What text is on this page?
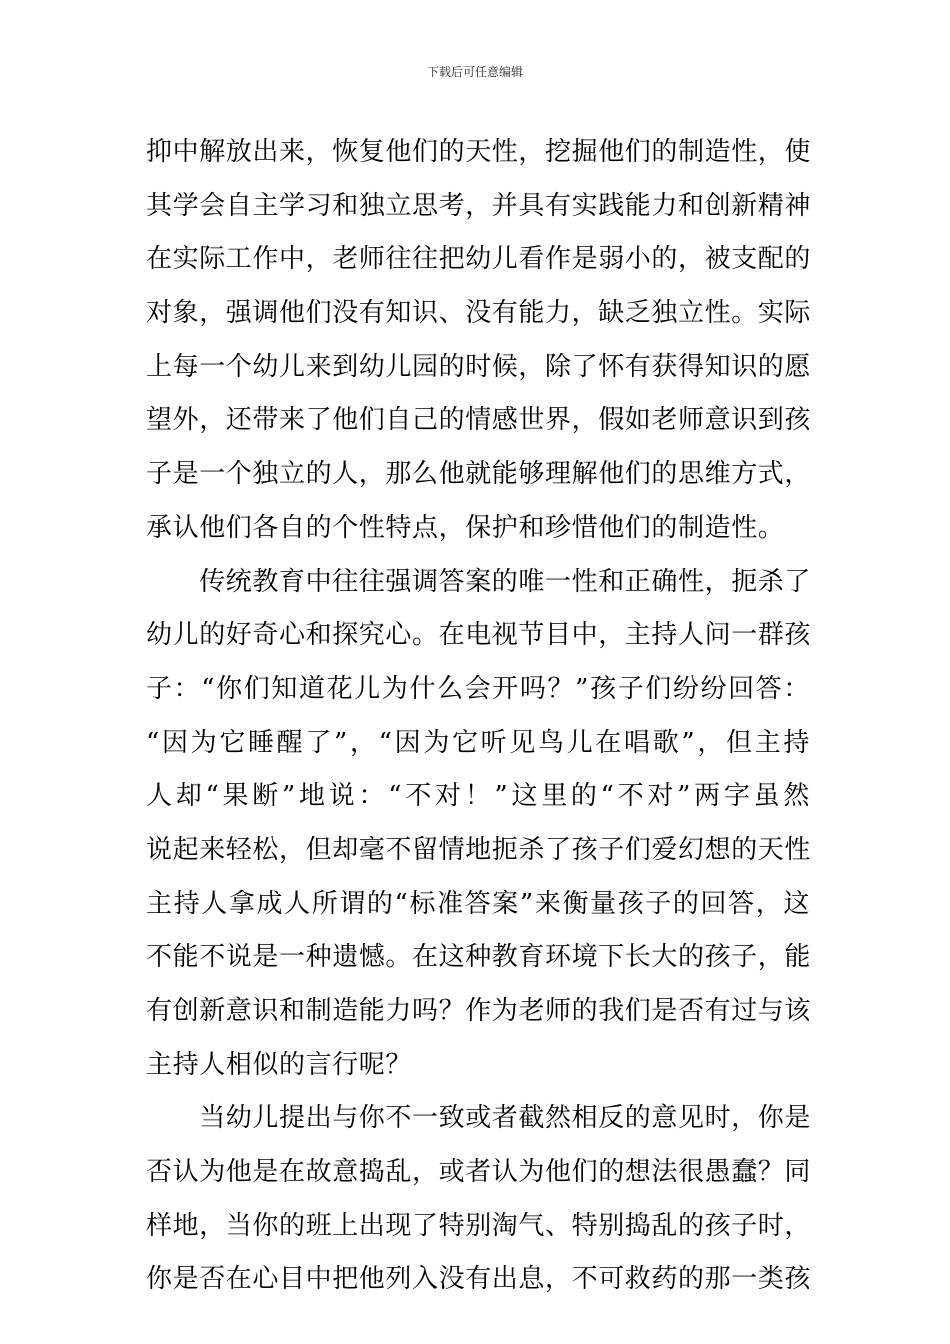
下载后可任意编辑
抑中解放出来，恢复他们的天性，挖掘他们的制造性，使
其学会自主学习和独立思考，并具有实践能力和创新精神
在实际工作中，老师往往把幼儿看作是弱小的，被支配的
对象，强调他们没有知识、没有能力，缺乏独立性。实际
上每一个幼儿来到幼儿园的时候，除了怀有获得知识的愿
望外，还带来了他们自己的情感世界，假如老师意识到孩
子是一个独立的人，那么他就能够理解他们的思维方式，
承认他们各自的个性特点，保护和珍惜他们的制造性。
　　传统教育中往往强调答案的唯一性和正确性，扼杀了
幼儿的好奇心和探究心。在电视节目中，主持人问一群孩
子：“你们知道花儿为什么会开吗？”孩子们纷纷回答：
“因为它睡醒了”，“因为它听见鸟儿在唱歌”，但主持
人却“果断”地说：“不对！”这里的“不对”两字虽然
说起来轻松，但却毫不留情地扼杀了孩子们爱幻想的天性
主持人拿成人所谓的“标准答案”来衡量孩子的回答，这
不能不说是一种遗憾。在这种教育环境下长大的孩子，能
有创新意识和制造能力吗？作为老师的我们是否有过与该
主持人相似的言行呢？
　　当幼儿提出与你不一致或者截然相反的意见时，你是
否认为他是在故意捣乱，或者认为他们的想法很愚蠢？同
样地，当你的班上出现了特别淘气、特别捣乱的孩子时，
你是否在心目中把他列入没有出息，不可救药的那一类孩
